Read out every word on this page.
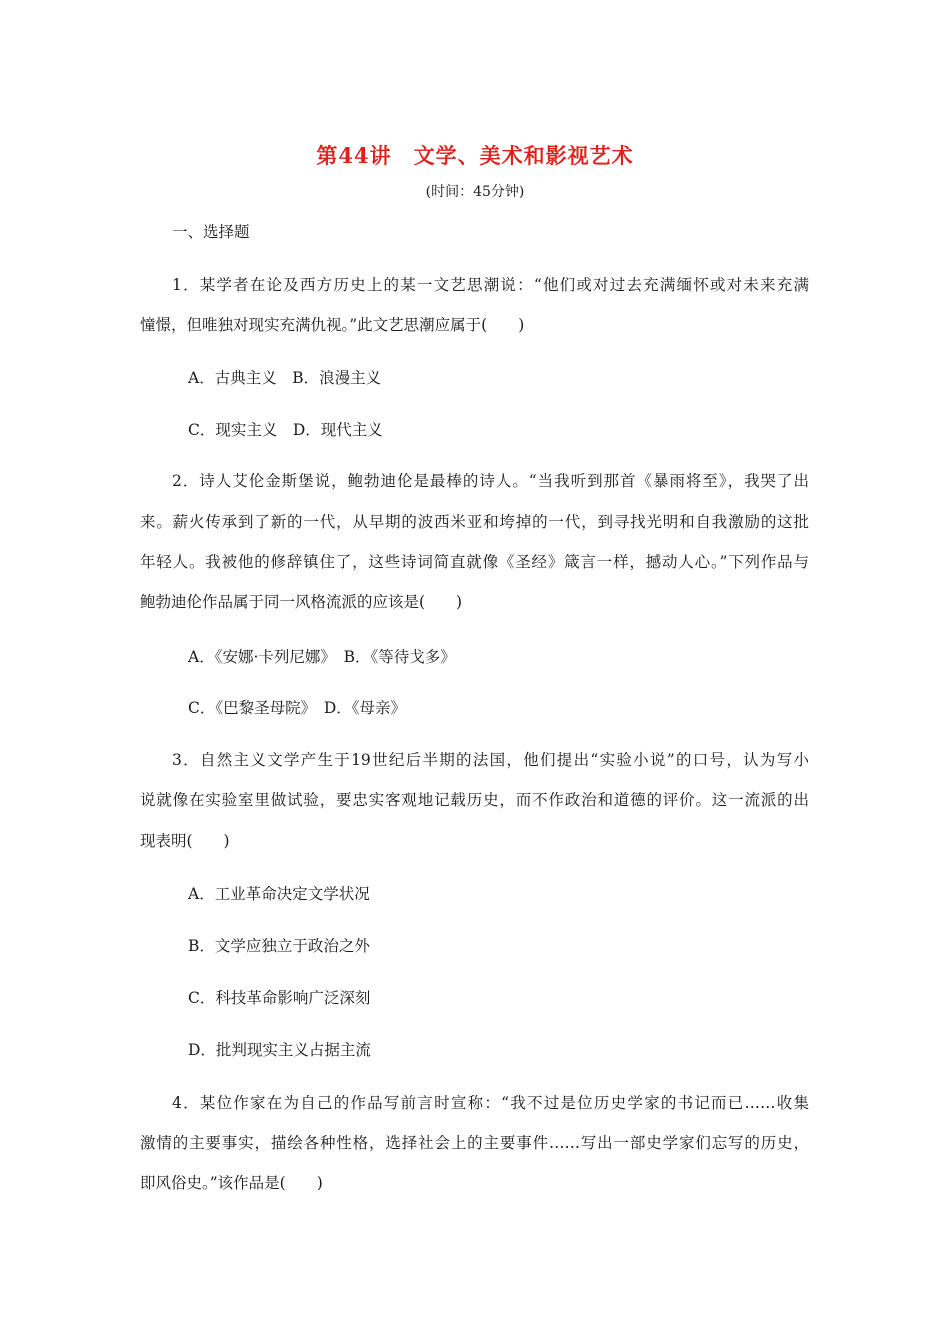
第44讲　文学、美术和影视艺术
(时间：45分钟)
一、选择题
1．某学者在论及西方历史上的某一文艺思潮说：“他们或对过去充满缅怀或对未来充满
憧憬，但唯独对现实充满仇视。”此文艺思潮应属于(　　)
A．古典主义　B．浪漫主义
C．现实主义　D．现代主义
2．诗人艾伦金斯堡说，鲍勃迪伦是最棒的诗人。“当我听到那首《暴雨将至》，我哭了出
来。薪火传承到了新的一代，从早期的波西米亚和垮掉的一代，到寻找光明和自我激励的这批
年轻人。我被他的修辞镇住了，这些诗词简直就像《圣经》箴言一样，撼动人心。”下列作品与
鲍勃迪伦作品属于同一风格流派的应该是(　　)
A．《安娜·卡列尼娜》　B．《等待戈多》
C．《巴黎圣母院》　D．《母亲》
3．自然主义文学产生于19世纪后半期的法国，他们提出“实验小说”的口号，认为写小
说就像在实验室里做试验，要忠实客观地记载历史，而不作政治和道德的评价。这一流派的出
现表明(　　)
A．工业革命决定文学状况
B．文学应独立于政治之外
C．科技革命影响广泛深刻
D．批判现实主义占据主流
4．某位作家在为自己的作品写前言时宣称：“我不过是位历史学家的书记而已……收集
激情的主要事实，描绘各种性格，选择社会上的主要事件……写出一部史学家们忘写的历史，
即风俗史。”该作品是(　　)
